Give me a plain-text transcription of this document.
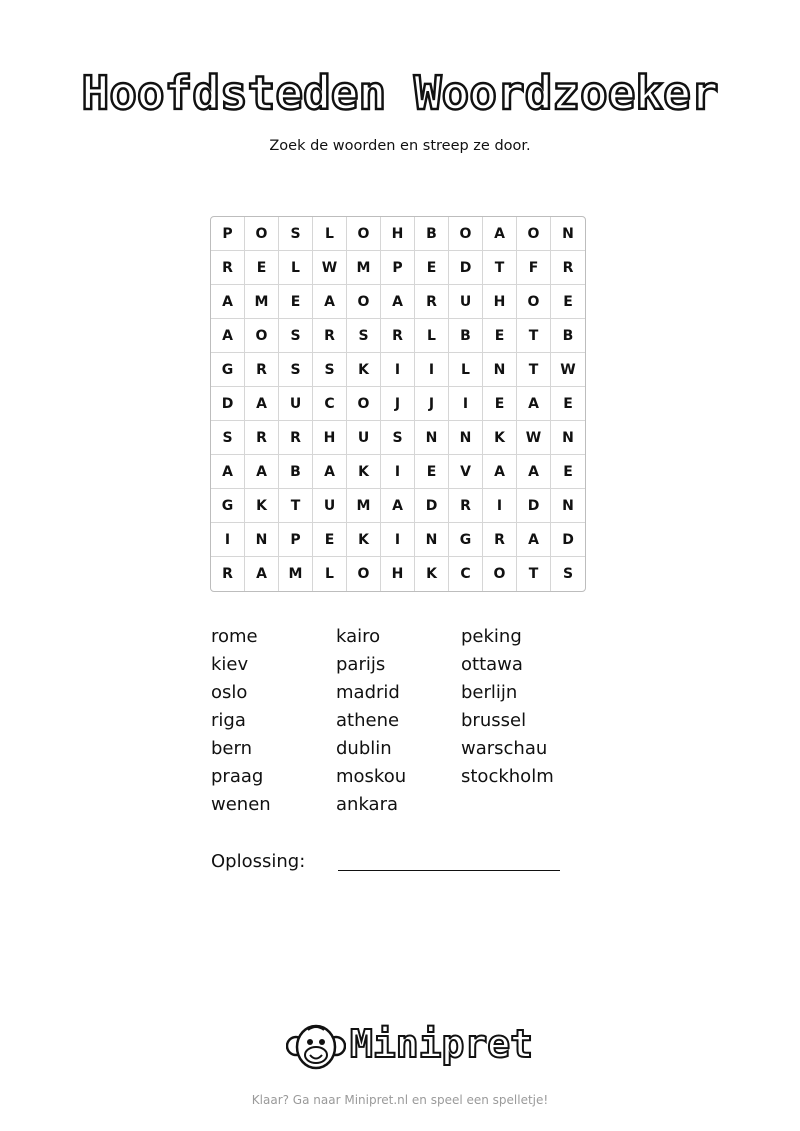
Hoofdsteden Woordzoeker
Zoek de woorden en streep ze door.
P	O	S	L	O	H	B	O	A	O	N
R	E	L	W	M	P	E	D	T	F	R
A	M	E	A	O	A	R	U	H	O	E
A	O	S	R	S	R	L	B	E	T	B
G	R	S	S	K	I	I	L	N	T	W
D	A	U	C	O	J	J	I	E	A	E
S	R	R	H	U	S	N	N	K	W	N
A	A	B	A	K	I	E	V	A	A	E
G	K	T	U	M	A	D	R	I	D	N
I	N	P	E	K	I	N	G	R	A	D
R	A	M	L	O	H	K	C	O	T	S
rome
kiev
oslo
riga
bern
praag
wenen
kairo
parijs
madrid
athene
dublin
moskou
ankara
peking
ottawa
berlijn
brussel
warschau
stockholm
Oplossing:
Minipret
Klaar? Ga naar Minipret.nl en speel een spelletje!
